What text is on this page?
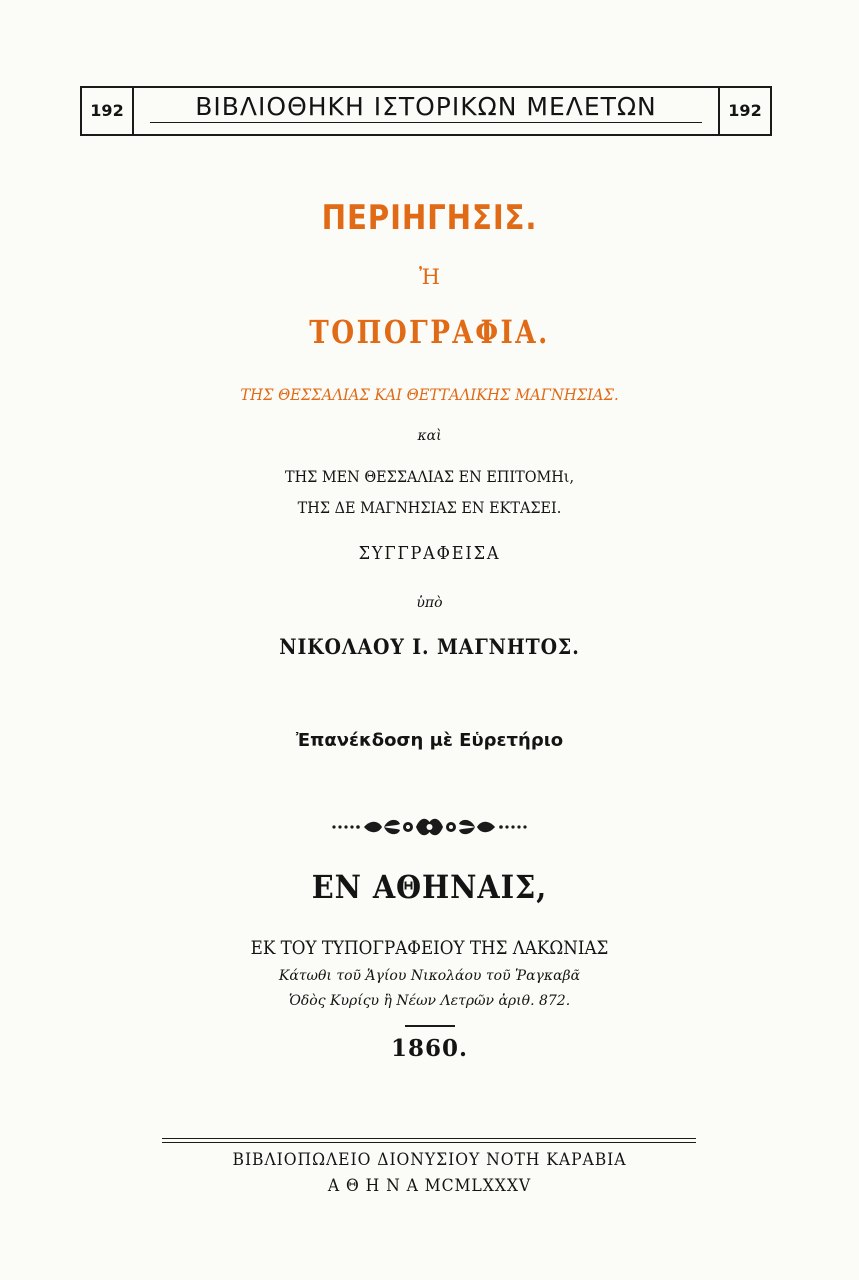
192	ΒΙΒΛΙΟΘΗΚΗ ΙΣΤΟΡΙΚΩΝ ΜΕΛΕΤΩΝ	192
ΠΕΡΙΗΓΗΣΙΣ.
Ἠ
ΤΟΠΟΓΡΑΦΙΑ.
ΤΗΣ ΘΕΣΣΑΛΙΑΣ ΚΑΙ ΘΕΤΤΑΛΙΚΗΣ ΜΑΓΝΗΣΙΑΣ.
καὶ
ΤΗΣ ΜΕΝ ΘΕΣΣΑΛΙΑΣ ΕΝ ΕΠΙΤΟΜΗι,
ΤΗΣ ΔΕ ΜΑΓΝΗΣΙΑΣ ΕΝ ΕΚΤΑΣΕΙ.
ΣΥΓΓΡΑΦΕΙΣΑ
ὑπὸ
ΝΙΚΟΛΑΟΥ Ι. ΜΑΓΝΗΤΟΣ.
Ἐπανέκδοση μὲ Εὑρετήριο
ΕΝ ΑΘΗΝΑΙΣ,
ΕΚ ΤΟΥ ΤΥΠΟΓΡΑΦΕΙΟΥ ΤΗΣ ΛΑΚΩΝΙΑΣ
Κάτωθι τοῦ Ἁγίου Νικολάου τοῦ Ῥαγκαβᾶ
Ὁδὸς Κυρίςυ ἢ Νέων Λετρῶν ἀριθ. 872.
1860.
ΒΙΒΛΙΟΠΩΛΕΙΟ ΔΙΟΝΥΣΙΟΥ ΝΟΤΗ ΚΑΡΑΒΙΑ
Α Θ Η Ν Α MCMLXXXV
